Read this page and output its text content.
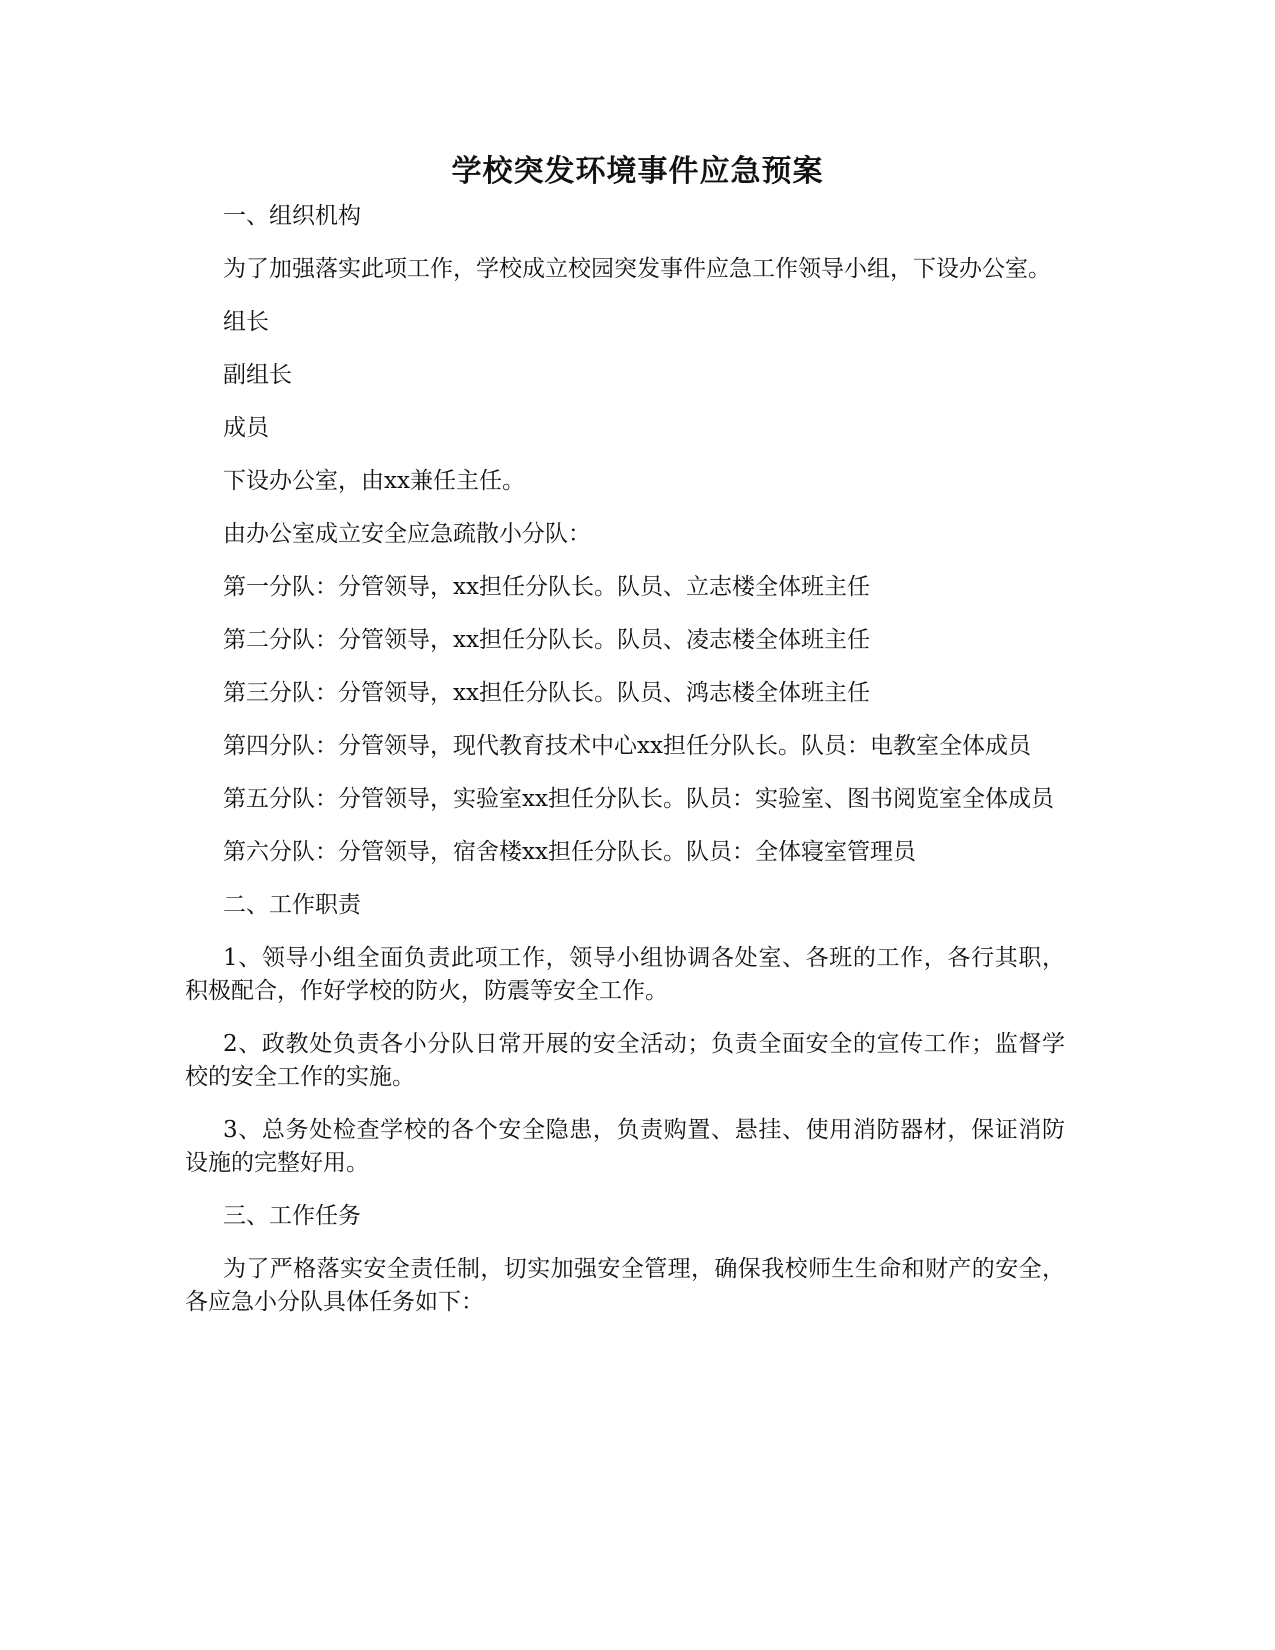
学校突发环境事件应急预案

一、组织机构

为了加强落实此项工作，学校成立校园突发事件应急工作领导小组，下设办公室。

组长

副组长

成员

下设办公室，由xx兼任主任。

由办公室成立安全应急疏散小分队：

第一分队：分管领导，xx担任分队长。队员、立志楼全体班主任

第二分队：分管领导，xx担任分队长。队员、凌志楼全体班主任

第三分队：分管领导，xx担任分队长。队员、鸿志楼全体班主任

第四分队：分管领导，现代教育技术中心xx担任分队长。队员：电教室全体成员

第五分队：分管领导，实验室xx担任分队长。队员：实验室、图书阅览室全体成员

第六分队：分管领导，宿舍楼xx担任分队长。队员：全体寝室管理员

二、工作职责

1、领导小组全面负责此项工作，领导小组协调各处室、各班的工作，各行其职，积极配合，作好学校的防火，防震等安全工作。

2、政教处负责各小分队日常开展的安全活动；负责全面安全的宣传工作；监督学校的安全工作的实施。

3、总务处检查学校的各个安全隐患，负责购置、悬挂、使用消防器材，保证消防设施的完整好用。

三、工作任务

为了严格落实安全责任制，切实加强安全管理，确保我校师生生命和财产的安全，各应急小分队具体任务如下：
